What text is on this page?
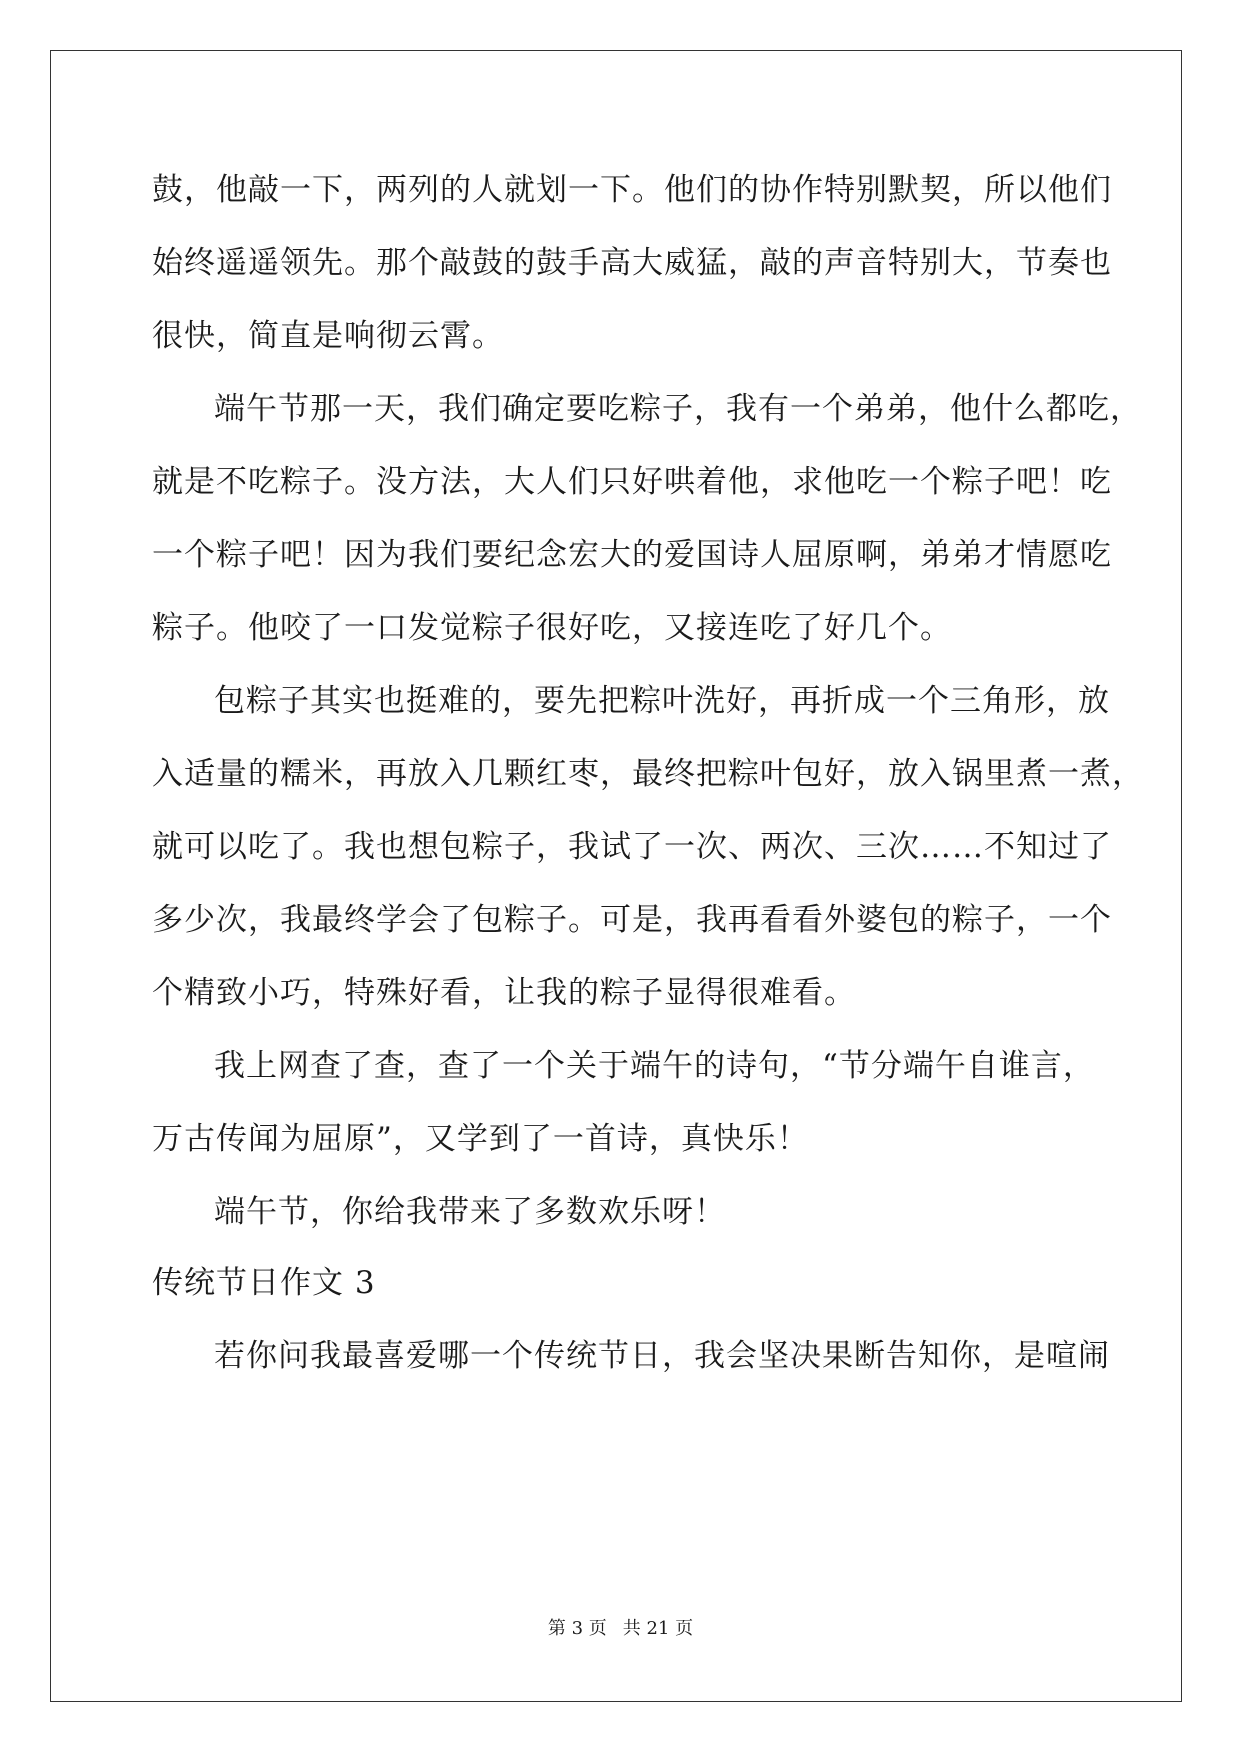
鼓，他敲一下，两列的人就划一下。他们的协作特别默契，所以他们
始终遥遥领先。那个敲鼓的鼓手高大威猛，敲的声音特别大，节奏也
很快，简直是响彻云霄。
端午节那一天，我们确定要吃粽子，我有一个弟弟，他什么都吃，
就是不吃粽子。没方法，大人们只好哄着他，求他吃一个粽子吧！吃
一个粽子吧！因为我们要纪念宏大的爱国诗人屈原啊，弟弟才情愿吃
粽子。他咬了一口发觉粽子很好吃，又接连吃了好几个。
包粽子其实也挺难的，要先把粽叶洗好，再折成一个三角形，放
入适量的糯米，再放入几颗红枣，最终把粽叶包好，放入锅里煮一煮，
就可以吃了。我也想包粽子，我试了一次、两次、三次……不知过了
多少次，我最终学会了包粽子。可是，我再看看外婆包的粽子，一个
个精致小巧，特殊好看，让我的粽子显得很难看。
我上网查了查，查了一个关于端午的诗句，“节分端午自谁言，
万古传闻为屈原”，又学到了一首诗，真快乐！
端午节，你给我带来了多数欢乐呀！
传统节日作文 3
若你问我最喜爱哪一个传统节日，我会坚决果断告知你，是喧闹
第 3 页 共 21 页
